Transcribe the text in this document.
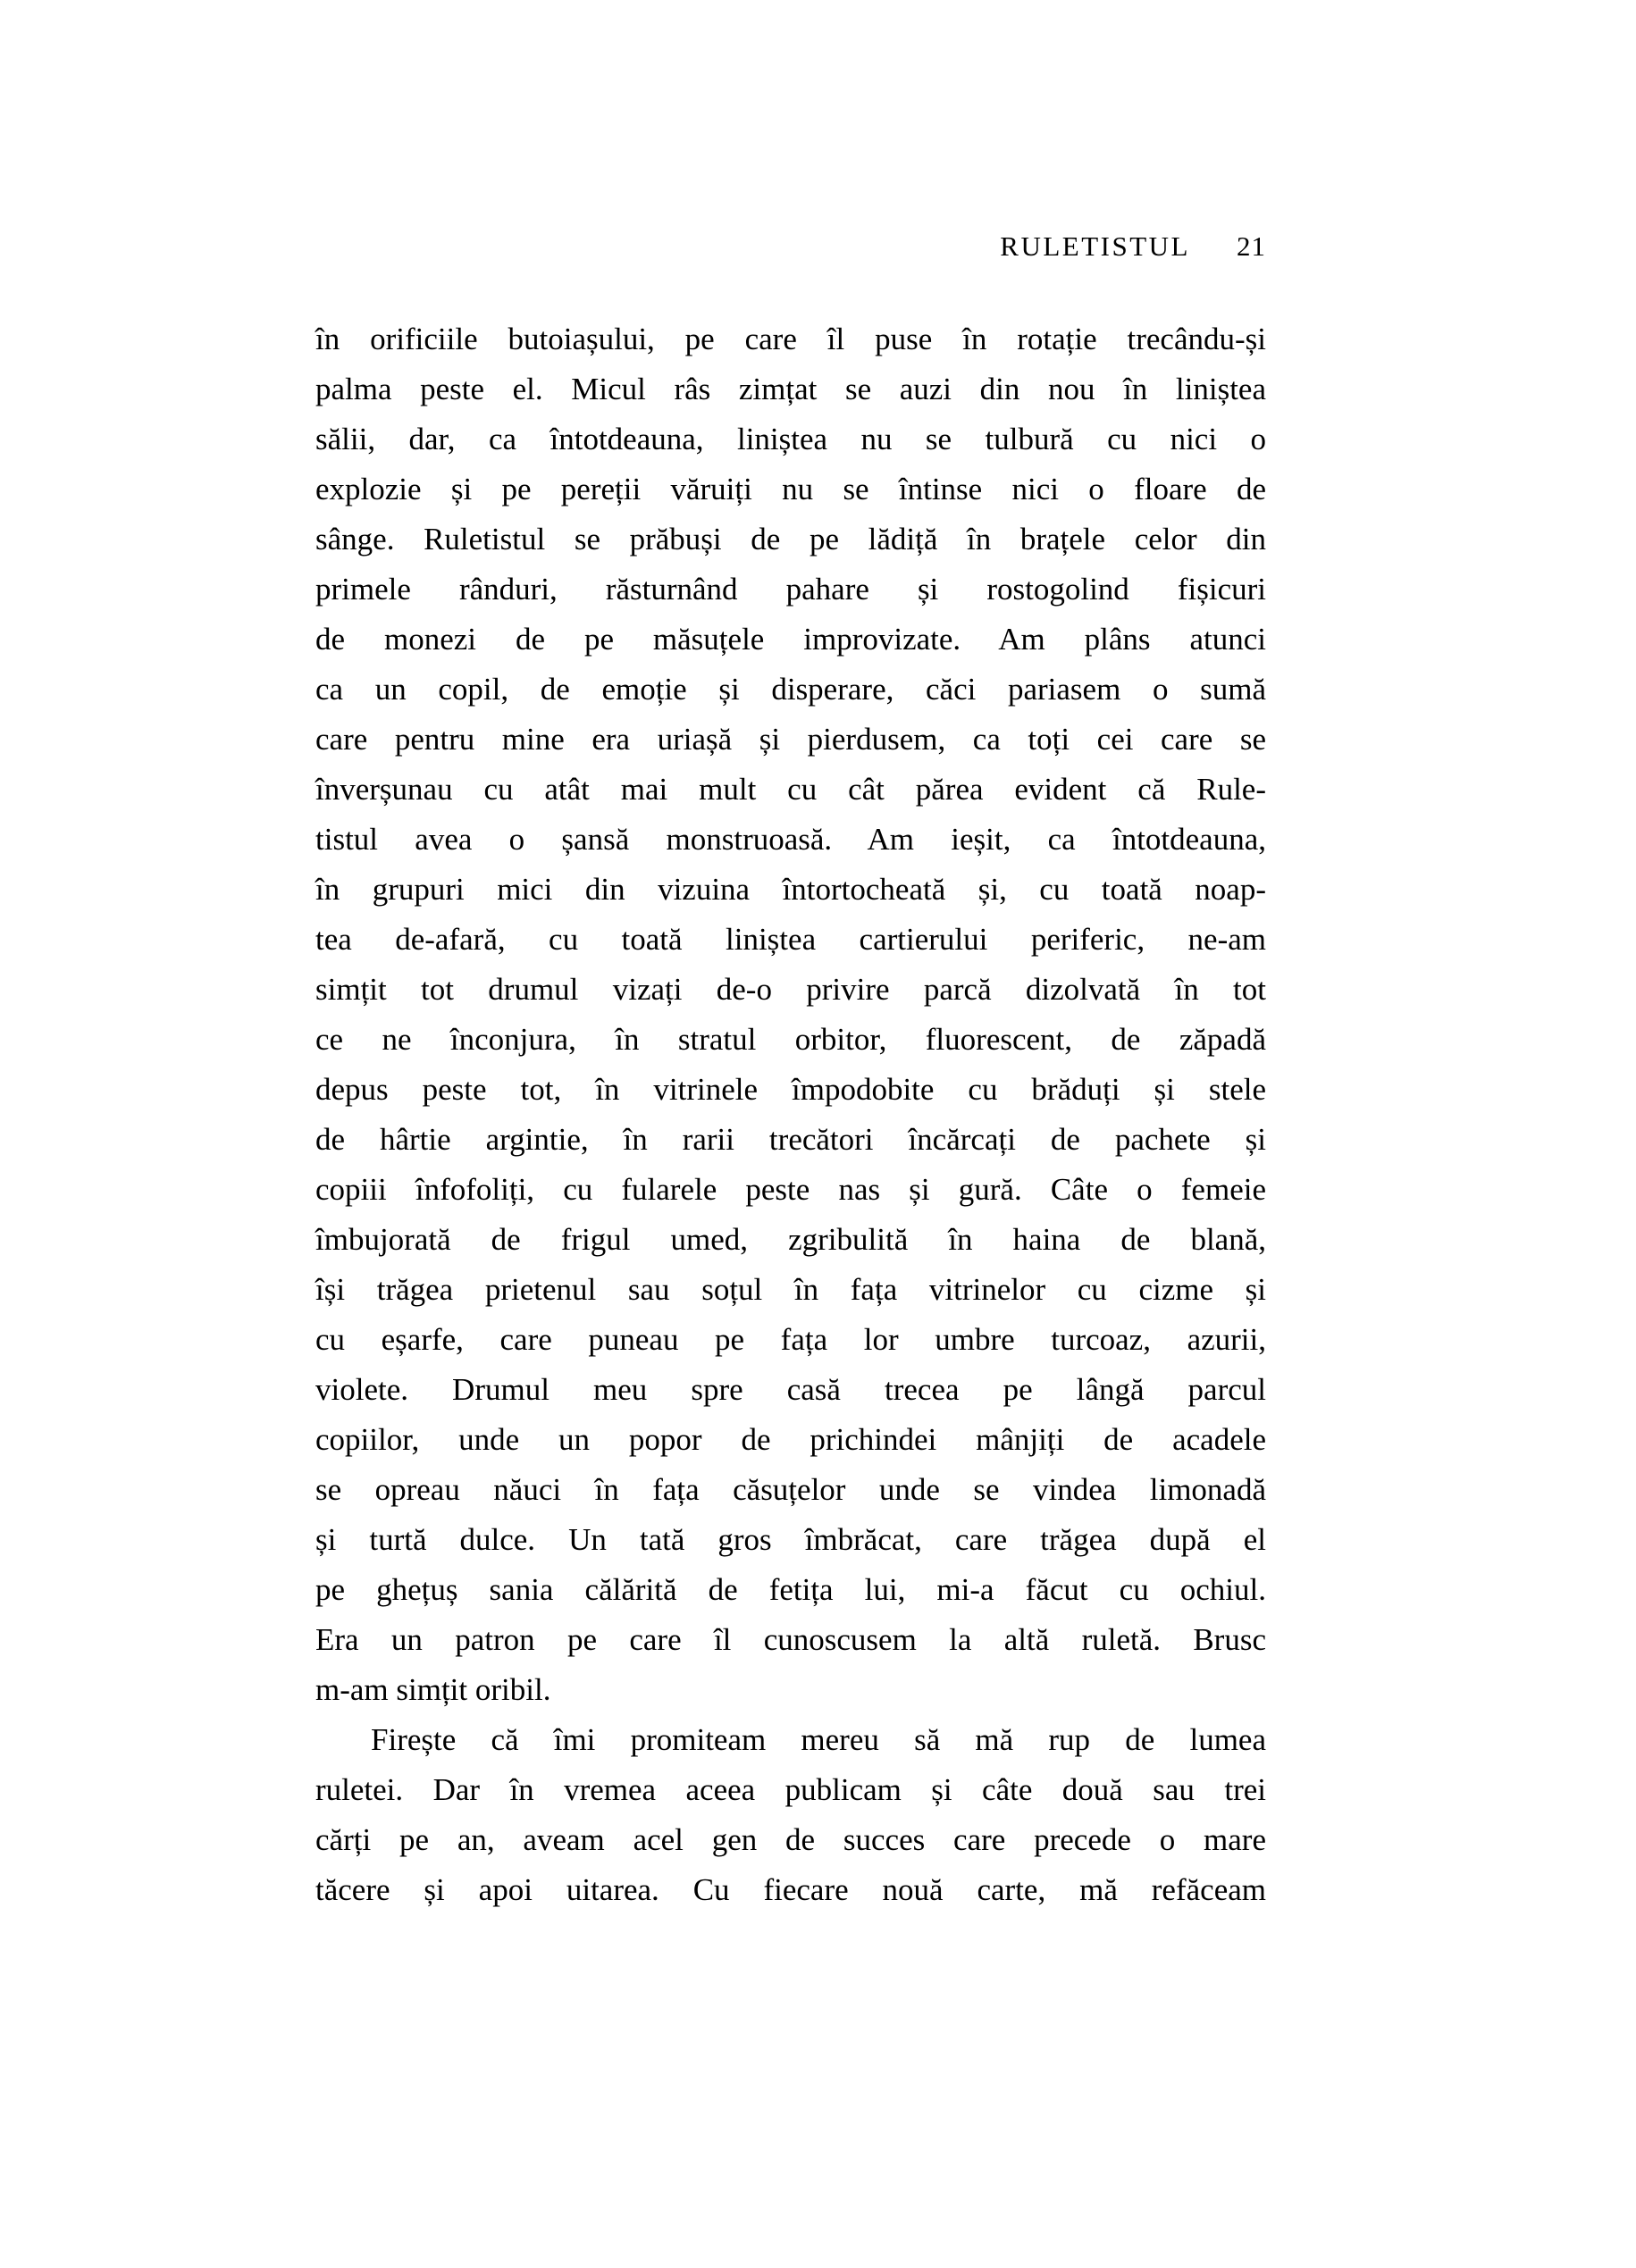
RULETISTUL 21
în orificiile butoiașului, pe care îl puse în rotație trecându-și
palma peste el. Micul râs zimțat se auzi din nou în liniștea
sălii, dar, ca întotdeauna, liniștea nu se tulbură cu nici o
explozie și pe pereții văruiți nu se întinse nici o floare de
sânge. Ruletistul se prăbuși de pe lădiță în brațele celor din
primele rânduri, răsturnând pahare și rostogolind fișicuri
de monezi de pe măsuțele improvizate. Am plâns atunci
ca un copil, de emoție și disperare, căci pariasem o sumă
care pentru mine era uriașă și pierdusem, ca toți cei care se
înverșunau cu atât mai mult cu cât părea evident că Rule-
tistul avea o șansă monstruoasă. Am ieșit, ca întotdeauna,
în grupuri mici din vizuina întortocheată și, cu toată noap-
tea de-afară, cu toată liniștea cartierului periferic, ne-am
simțit tot drumul vizați de-o privire parcă dizolvată în tot
ce ne înconjura, în stratul orbitor, fluorescent, de zăpadă
depus peste tot, în vitrinele împodobite cu brăduți și stele
de hârtie argintie, în rarii trecători încărcați de pachete și
copiii înfofoliți, cu fularele peste nas și gură. Câte o femeie
îmbujorată de frigul umed, zgribulită în haina de blană,
își trăgea prietenul sau soțul în fața vitrinelor cu cizme și
cu eșarfe, care puneau pe fața lor umbre turcoaz, azurii,
violete. Drumul meu spre casă trecea pe lângă parcul
copiilor, unde un popor de prichindei mânjiți de acadele
se opreau năuci în fața căsuțelor unde se vindea limonadă
și turtă dulce. Un tată gros îmbrăcat, care trăgea după el
pe ghețuș sania călărită de fetița lui, mi-a făcut cu ochiul.
Era un patron pe care îl cunoscusem la altă ruletă. Brusc
m-am simțit oribil.
Firește că îmi promiteam mereu să mă rup de lumea
ruletei. Dar în vremea aceea publicam și câte două sau trei
cărți pe an, aveam acel gen de succes care precede o mare
tăcere și apoi uitarea. Cu fiecare nouă carte, mă refăceam
